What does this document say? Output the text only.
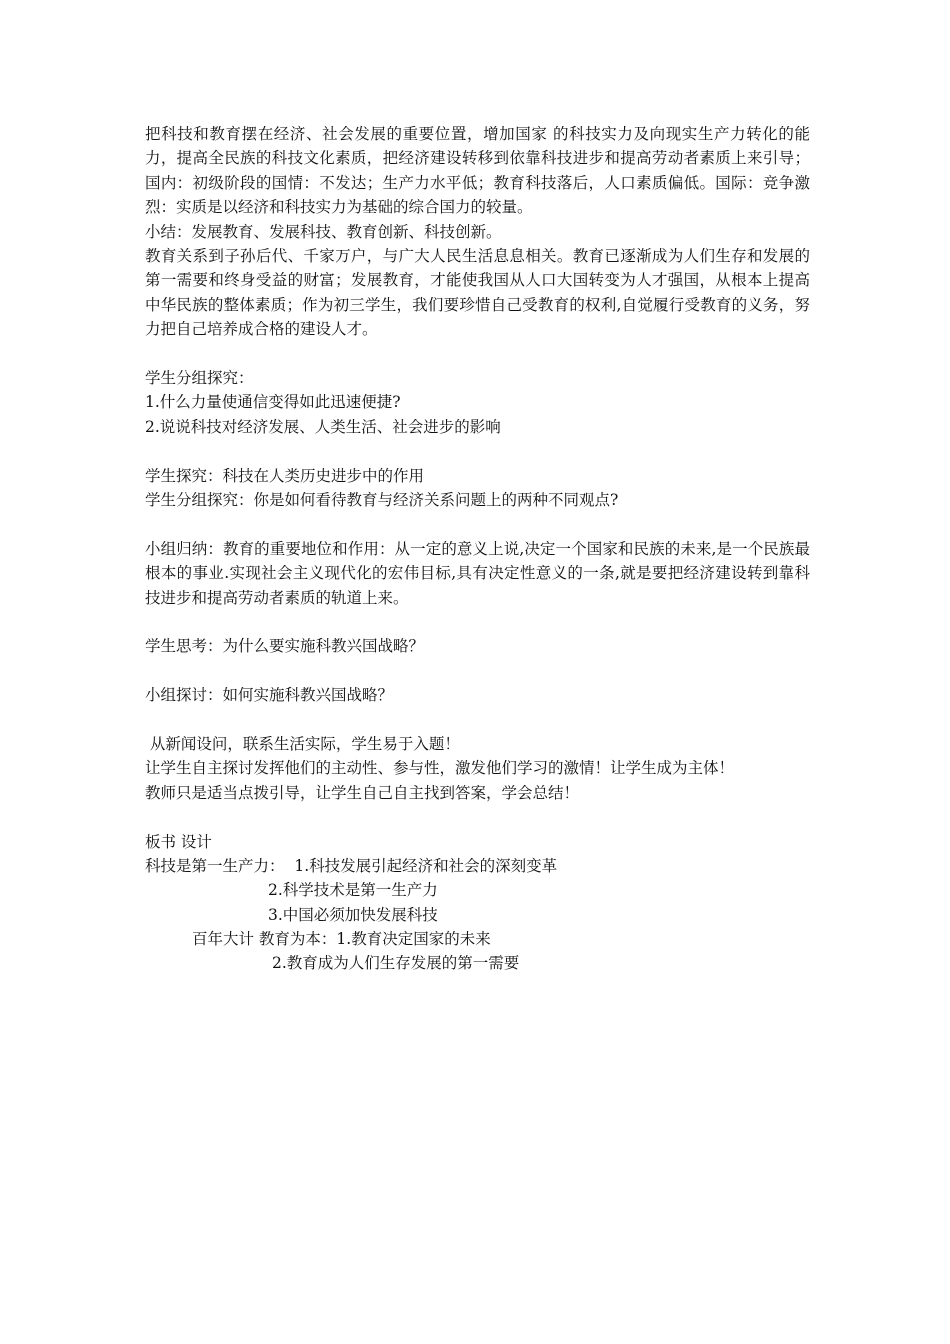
把科技和教育摆在经济、社会发展的重要位置，增加国家 的科技实力及向现实生产力转化的能力，提高全民族的科技文化素质，把经济建设转移到依靠科技进步和提高劳动者素质上来引导；国内：初级阶段的国情：不发达；生产力水平低；教育科技落后，人口素质偏低。国际：竞争激烈：实质是以经济和科技实力为基础的综合国力的较量。

小结：发展教育、发展科技、教育创新、科技创新。

教育关系到子孙后代、千家万户，与广大人民生活息息相关。教育已逐渐成为人们生存和发展的第一需要和终身受益的财富；发展教育，才能使我国从人口大国转变为人才强国，从根本上提高中华民族的整体素质；作为初三学生，我们要珍惜自己受教育的权利,自觉履行受教育的义务，努力把自己培养成合格的建设人才。

学生分组探究：

1.什么力量使通信变得如此迅速便捷?

2.说说科技对经济发展、人类生活、社会进步的影响

学生探究：科技在人类历史进步中的作用

学生分组探究：你是如何看待教育与经济关系问题上的两种不同观点?

小组归纳：教育的重要地位和作用：从一定的意义上说,决定一个国家和民族的未来,是一个民族最根本的事业.实现社会主义现代化的宏伟目标,具有决定性意义的一条,就是要把经济建设转到靠科技进步和提高劳动者素质的轨道上来。

学生思考：为什么要实施科教兴国战略？

小组探讨：如何实施科教兴国战略？

从新闻设问，联系生活实际，学生易于入题！

让学生自主探讨发挥他们的主动性、参与性，激发他们学习的激情！让学生成为主体！

教师只是适当点拨引导，让学生自己自主找到答案，学会总结！

板书 设计

科技是第一生产力：  1.科技发展引起经济和社会的深刻变革

2.科学技术是第一生产力

3.中国必须加快发展科技

百年大计 教育为本：1.教育决定国家的未来

2.教育成为人们生存发展的第一需要
